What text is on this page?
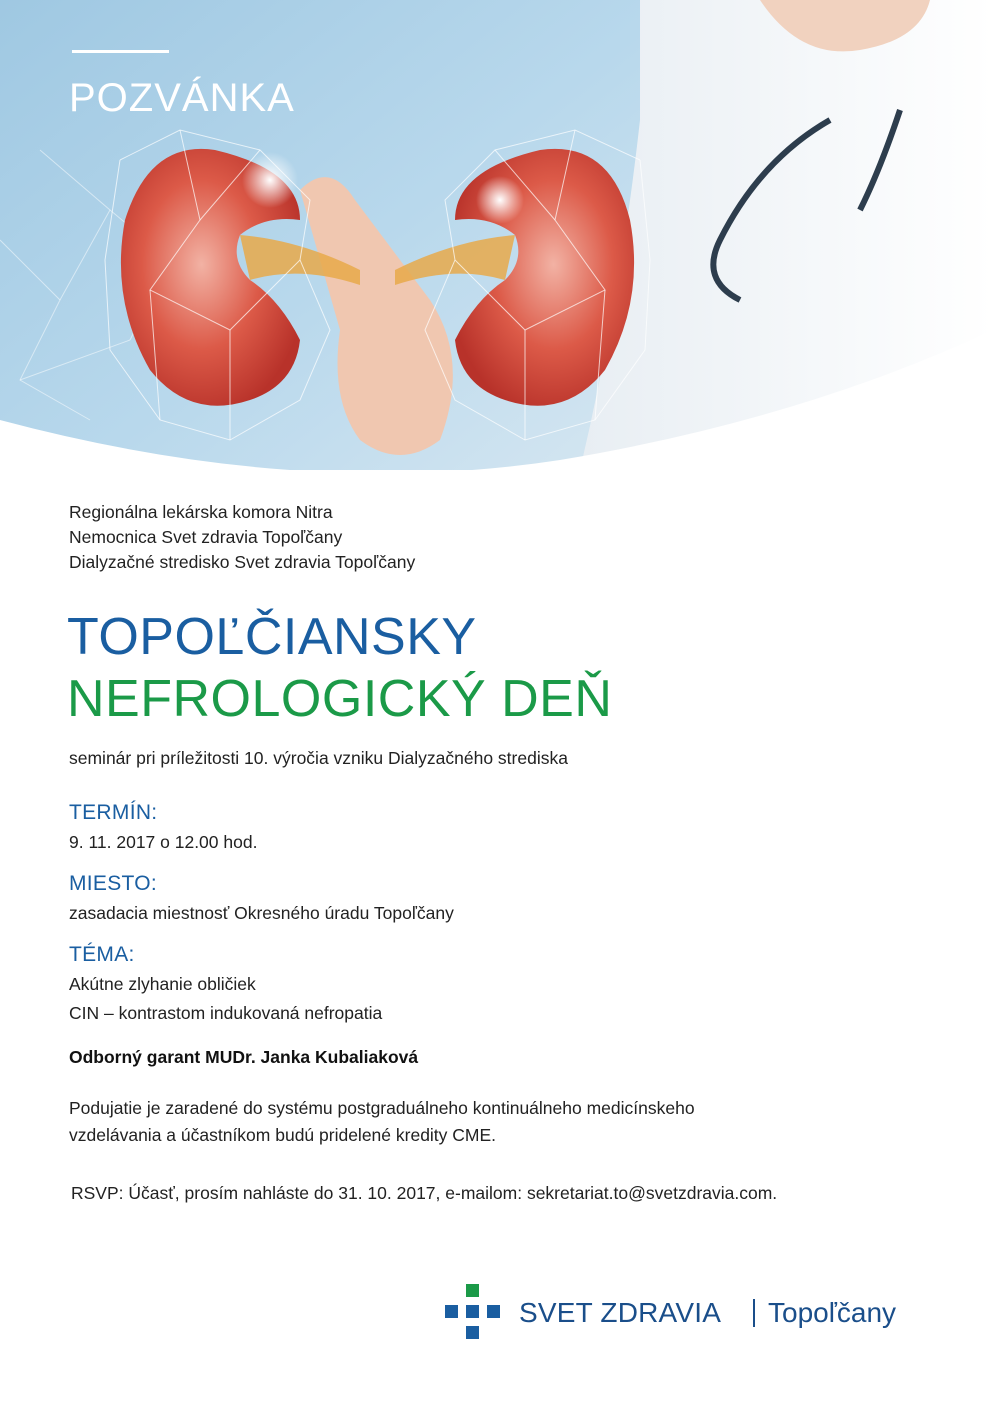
POZVÁNKA
Regionálna lekárska komora Nitra
Nemocnica Svet zdravia Topoľčany
Dialyzačné stredisko Svet zdravia Topoľčany
TOPOĽČIANSKY
NEFROLOGICKÝ DEŇ
seminár pri príležitosti 10. výročia vzniku Dialyzačného strediska
TERMÍN:
9. 11. 2017 o 12.00 hod.
MIESTO:
zasadacia miestnosť Okresného úradu Topoľčany
TÉMA:
Akútne zlyhanie obličiek
CIN – kontrastom indukovaná nefropatia
Odborný garant MUDr. Janka Kubaliaková
Podujatie je zaradené do systému postgraduálneho kontinuálneho medicínskeho
vzdelávania a účastníkom budú pridelené kredity CME.
RSVP: Účasť, prosím nahláste do 31. 10. 2017, e-mailom: sekretariat.to@svetzdravia.com.
SVET ZDRAVIA Topoľčany
